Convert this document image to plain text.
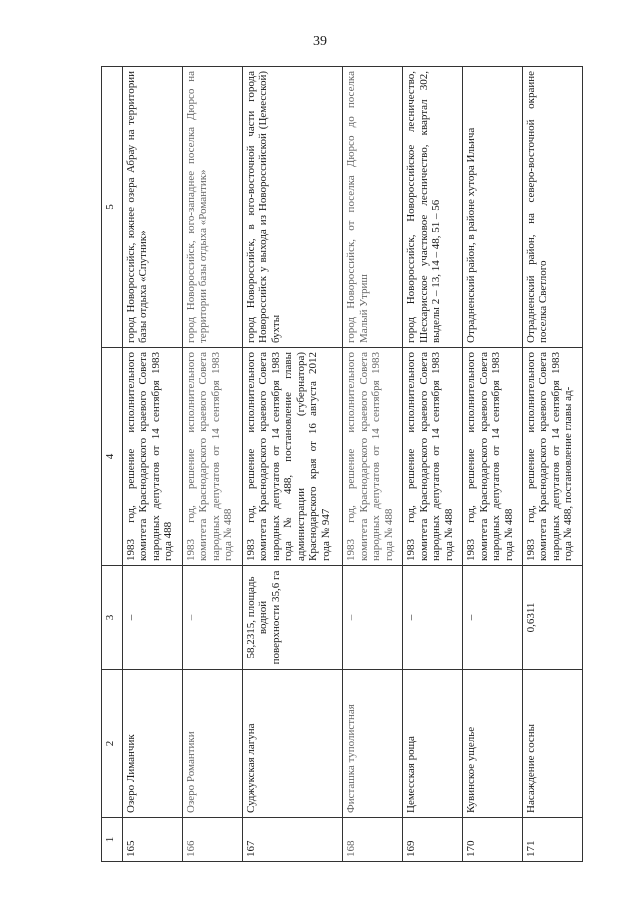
39
1	2	3	4	5
165	Озеро Лиманчик	–	1983 год, решение исполнительного комитета Краснодарского краевого Совета народных депутатов от 14 сентября 1983 года 488	город Новороссийск, южнее озера Абрау на территории базы отдыха «Спутник»
166	Озеро Романтики	–	1983 год, решение исполнительного комитета Краснодарского краевого Совета народных депутатов от 14 сентября 1983 года № 488	город Новороссийск, юго-западнее поселка Дюрсо на территории базы отдыха «Романтик»
167	Суджукская лагуна	58,2315, площадь водной поверхности 35,6 га	1983 год, решение исполнительного комитета Краснодарского краевого Совета народных депутатов от 14 сентября 1983 года № 488, постановление главы администрации (губернатора) Краснодарского края от 16 августа 2012 года № 947	город Новороссийск, в юго-восточной части города Новороссийск у выхода из Новороссийской (Цемесской) бухты
168	Фисташка туполистная	–	1983 год, решение исполнительного комитета Краснодарского краевого Совета народных депутатов от 14 сентября 1983 года № 488	город Новороссийск, от поселка Дюрсо до поселка Малый Утриш
169	Цемесская роща	–	1983 год, решение исполнительного комитета Краснодарского краевого Совета народных депутатов от 14 сентября 1983 года № 488	город Новороссийск, Новороссийское лесничество, Шесхарисское участковое лесничество, квартал 302, выделы 2 – 13, 14 – 48, 51 – 56
170	Кувинское ущелье	–	1983 год, решение исполнительного комитета Краснодарского краевого Совета народных депутатов от 14 сентября 1983 года № 488	Отрадненский район, в районе хутора Ильича
171	Насаждение сосны	0,6311	1983 год, решение исполнительного комитета Краснодарского краевого Совета народных депутатов от 14 сентября 1983 года № 488, постановление главы ад-	Отрадненский район, на северо-восточной окраине поселка Светлого
